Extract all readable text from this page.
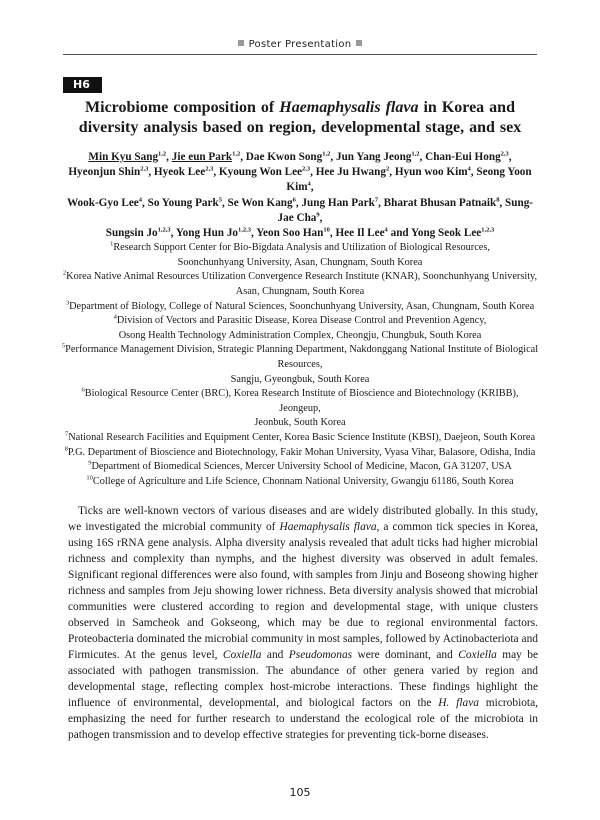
Poster Presentation
H6
Microbiome composition of Haemaphysalis flava in Korea and diversity analysis based on region, developmental stage, and sex
Min Kyu Sang$^{1,2}$, Jie eun Park$^{1,2}$, Dae Kwon Song$^{1,2}$, Jun Yang Jeong$^{1,2}$, Chan-Eui Hong$^{2,3}$,
Hyeonjun Shin$^{2,3}$, Hyeok Lee$^{2,3}$, Kyoung Won Lee$^{2,3}$, Hee Ju Hwang$^2$, Hyun woo Kim$^4$, Seong Yoon Kim$^4$,
Wook-Gyo Lee$^4$, So Young Park$^5$, Se Won Kang$^6$, Jung Han Park$^7$, Bharat Bhusan Patnaik$^8$, Sung-Jae Cha$^9$,
Sungsin Jo$^{1,2,3}$, Yong Hun Jo$^{1,2,3}$, Yeon Soo Han$^{10}$, Hee Il Lee$^4$ and Yong Seok Lee$^{1,2,3}$
$^1$Research Support Center for Bio-Bigdata Analysis and Utilization of Biological Resources,
Soonchunhyang University, Asan, Chungnam, South Korea
$^2$Korea Native Animal Resources Utilization Convergence Research Institute (KNAR), Soonchunhyang University,
Asan, Chungnam, South Korea
$^3$Department of Biology, College of Natural Sciences, Soonchunhyang University, Asan, Chungnam, South Korea
$^4$Division of Vectors and Parasitic Disease, Korea Disease Control and Prevention Agency,
Osong Health Technology Administration Complex, Cheongju, Chungbuk, South Korea
$^5$Performance Management Division, Strategic Planning Department, Nakdonggang National Institute of Biological Resources,
Sangju, Gyeongbuk, South Korea
$^6$Biological Resource Center (BRC), Korea Research Institute of Bioscience and Biotechnology (KRIBB), Jeongeup,
Jeonbuk, South Korea
$^7$National Research Facilities and Equipment Center, Korea Basic Science Institute (KBSI), Daejeon, South Korea
$^8$P.G. Department of Bioscience and Biotechnology, Fakir Mohan University, Vyasa Vihar, Balasore, Odisha, India
$^9$Department of Biomedical Sciences, Mercer University School of Medicine, Macon, GA 31207, USA
$^{10}$College of Agriculture and Life Science, Chonnam National University, Gwangju 61186, South Korea
Ticks are well-known vectors of various diseases and are widely distributed globally. In this study, we investigated the microbial community of Haemaphysalis flava, a common tick species in Korea, using 16S rRNA gene analysis. Alpha diversity analysis revealed that adult ticks had higher microbial richness and complexity than nymphs, and the highest diversity was observed in adult females. Significant regional differences were also found, with samples from Jinju and Boseong showing higher richness and samples from Jeju showing lower richness. Beta diversity analysis showed that microbial communities were clustered according to region and developmental stage, with unique clusters observed in Samcheok and Gokseong, which may be due to regional environmental factors. Proteobacteria dominated the microbial community in most samples, followed by Actinobacteriota and Firmicutes. At the genus level, Coxiella and Pseudomonas were dominant, and Coxiella may be associated with pathogen transmission. The abundance of other genera varied by region and developmental stage, reflecting complex host-microbe interactions. These findings highlight the influence of environmental, developmental, and biological factors on the H. flava microbiota, emphasizing the need for further research to understand the ecological role of the microbiota in pathogen transmission and to develop effective strategies for preventing tick-borne diseases.
105
